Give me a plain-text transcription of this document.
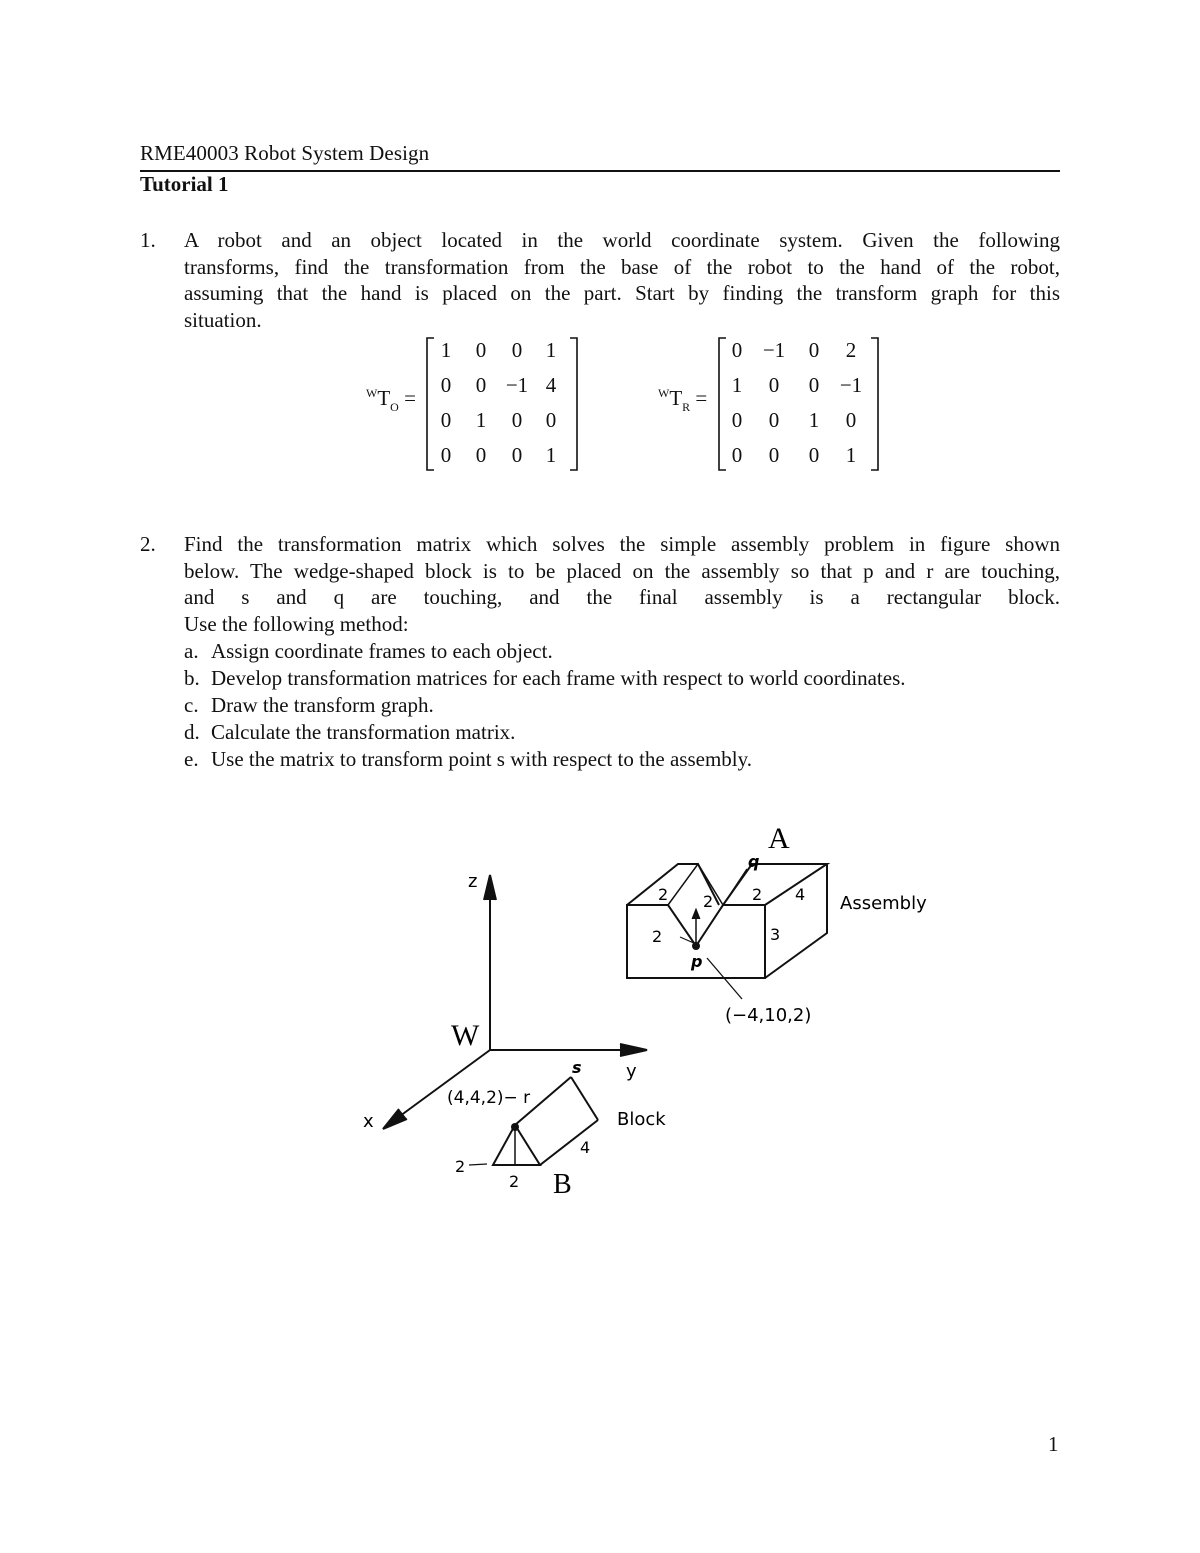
RME40003 Robot System Design
Tutorial 1
1. A robot and an object located in the world coordinate system. Given the following
transforms, find the transformation from the base of the robot to the hand of the robot,
assuming that the hand is placed on the part. Start by finding the transform graph for this
situation.
$^WT_O$ =
1	0	0	1
0	0 −1 4
0	1	0	0
0	0	0	1
$^WT_R$ =
0 −1	0	2
1	0	0 −1
0	0	1	0
0	0	0	1
2. Find the transformation matrix which solves the simple assembly problem in figure shown
below. The wedge-shaped block is to be placed on the assembly so that p and r are touching,
and s and q are touching, and the final assembly is a rectangular block.
Use the following method:
a. Assign coordinate frames to each object.
b. Develop transformation matrices for each frame with respect to world coordinates.
c. Draw the transform graph.
d. Calculate the transformation matrix.
e. Use the matrix to transform point s with respect to the assembly.
z
x
y
W
s
(4,4,2)− r
Block
B
2
2
4
A
q
Assembly
p
(−4,10,2)
2 2 2 4
3
2
1
